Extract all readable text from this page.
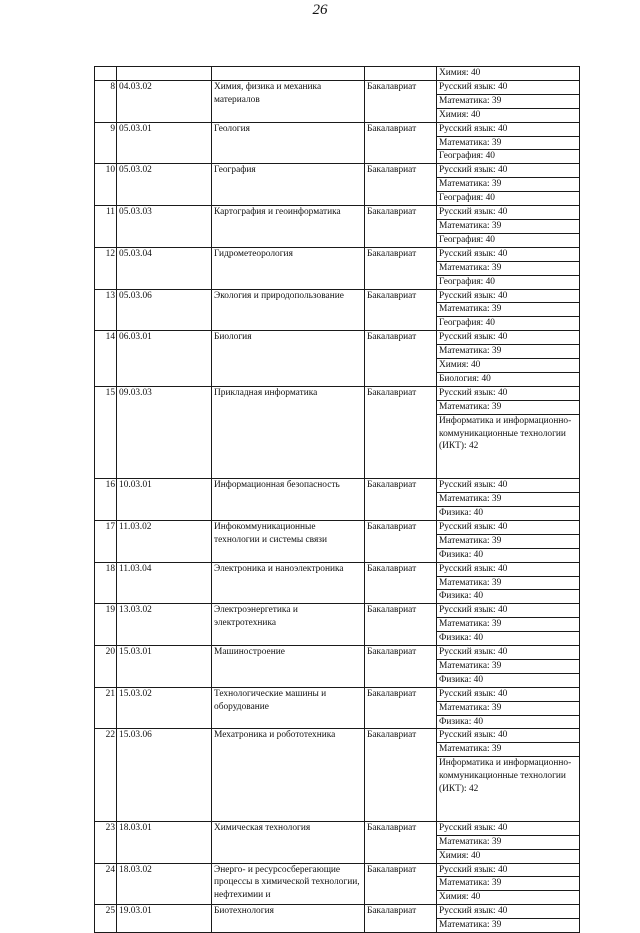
26
				Химия: 40
8	04.03.02	Химия, физика и механика материалов	Бакалавриат	Русский язык: 40
				Математика: 39
				Химия: 40
9	05.03.01	Геология	Бакалавриат	Русский язык: 40
				Математика: 39
				География: 40
10	05.03.02	География	Бакалавриат	Русский язык: 40
				Математика: 39
				География: 40
11	05.03.03	Картография и геоинформатика	Бакалавриат	Русский язык: 40
				Математика: 39
				География: 40
12	05.03.04	Гидрометеорология	Бакалавриат	Русский язык: 40
				Математика: 39
				География: 40
13	05.03.06	Экология и природопользование	Бакалавриат	Русский язык: 40
				Математика: 39
				География: 40
14	06.03.01	Биология	Бакалавриат	Русский язык: 40
				Математика: 39
				Химия: 40
				Биология: 40
15	09.03.03	Прикладная информатика	Бакалавриат	Русский язык: 40
				Математика: 39
				Информатика и информационно-коммуникационные технологии (ИКТ): 42
16	10.03.01	Информационная безопасность	Бакалавриат	Русский язык: 40
				Математика: 39
				Физика: 40
17	11.03.02	Инфокоммуникационные технологии и системы связи	Бакалавриат	Русский язык: 40
				Математика: 39
				Физика: 40
18	11.03.04	Электроника и наноэлектроника	Бакалавриат	Русский язык: 40
				Математика: 39
				Физика: 40
19	13.03.02	Электроэнергетика и электротехника	Бакалавриат	Русский язык: 40
				Математика: 39
				Физика: 40
20	15.03.01	Машиностроение	Бакалавриат	Русский язык: 40
				Математика: 39
				Физика: 40
21	15.03.02	Технологические машины и оборудование	Бакалавриат	Русский язык: 40
				Математика: 39
				Физика: 40
22	15.03.06	Мехатроника и робототехника	Бакалавриат	Русский язык: 40
				Математика: 39
				Информатика и информационно-коммуникационные технологии (ИКТ): 42
23	18.03.01	Химическая технология	Бакалавриат	Русский язык: 40
				Математика: 39
				Химия: 40
24	18.03.02	Энерго- и ресурсосберегающие процессы в химической технологии, нефтехимии и	Бакалавриат	Русский язык: 40
				Математика: 39
				Химия: 40
25	19.03.01	Биотехнология	Бакалавриат	Русский язык: 40
				Математика: 39
